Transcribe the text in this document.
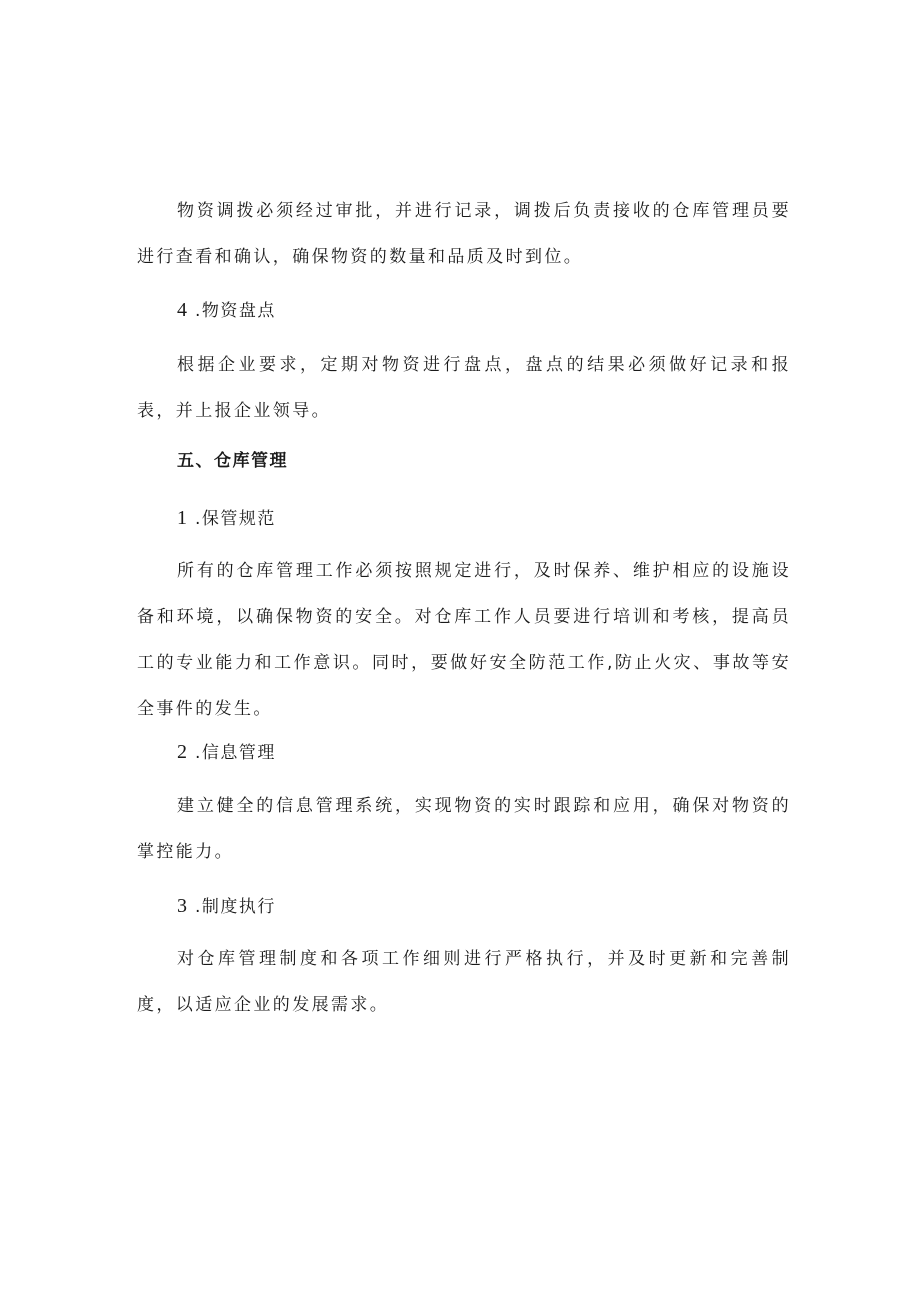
物资调拨必须经过审批，并进行记录，调拨后负责接收的仓库管理员要进行查看和确认，确保物资的数量和品质及时到位。

4 .物资盘点

根据企业要求，定期对物资进行盘点，盘点的结果必须做好记录和报表，并上报企业领导。

五、仓库管理
1 .保管规范

所有的仓库管理工作必须按照规定进行，及时保养、维护相应的设施设备和环境，以确保物资的安全。对仓库工作人员要进行培训和考核，提高员工的专业能力和工作意识。同时，要做好安全防范工作,防止火灾、事故等安全事件的发生。

2 .信息管理

建立健全的信息管理系统，实现物资的实时跟踪和应用，确保对物资的掌控能力。

3 .制度执行

对仓库管理制度和各项工作细则进行严格执行，并及时更新和完善制度，以适应企业的发展需求。
